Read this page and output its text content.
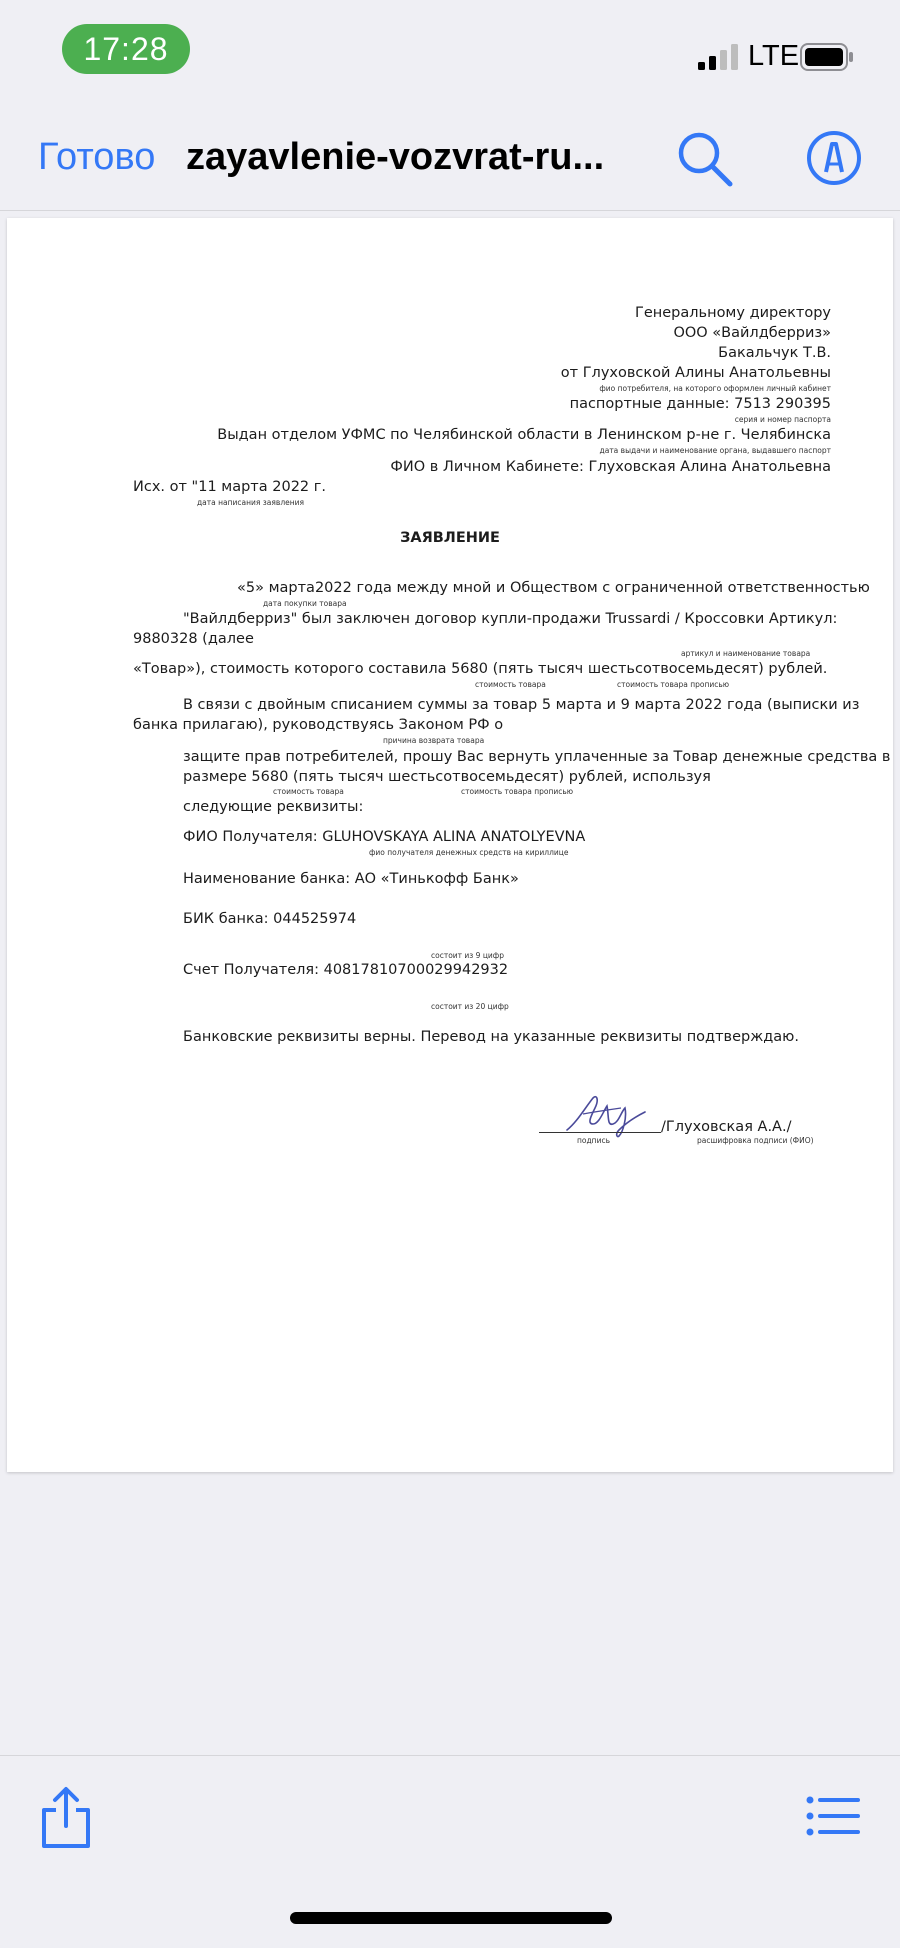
17:28	LTE
Готово zayavlenie-vozvrat-ru...
Генеральному директору
ООО «Вайлдберриз»
Бакальчук Т.В.
от Глуховской Алины Анатольевны
фио потребителя, на которого оформлен личный кабинет
паспортные данные: 7513 290395
серия и номер паспорта
Выдан отделом УФМС по Челябинской области в Ленинском р-не г. Челябинска
дата выдачи и наименование органа, выдавшего паспорт
ФИО в Личном Кабинете: Глуховская Алина Анатольевна
Исх. от "11 марта 2022 г.
дата написания заявления
ЗАЯВЛЕНИЕ
«5» марта2022 года между мной и Обществом с ограниченной ответственностью
дата покупки товара
"Вайлдберриз" был заключен договор купли-продажи Trussardi / Кроссовки Артикул:
9880328 (далее
артикул и наименование товара
«Товар»), стоимость которого составила 5680 (пять тысяч шестьсотвосемьдесят) рублей.
стоимость товара	стоимость товара прописью
В связи с двойным списанием суммы за товар 5 марта и 9 марта 2022 года (выписки из
банка прилагаю), руководствуясь Законом РФ о
причина возврата товара
защите прав потребителей, прошу Вас вернуть уплаченные за Товар денежные средства в
размере 5680 (пять тысяч шестьсотвосемьдесят) рублей, используя
стоимость товара	стоимость товара прописью
следующие реквизиты:
ФИО Получателя: GLUHOVSKAYA ALINA ANATOLYEVNA
фио получателя денежных средств на кириллице
Наименование банка: АО «Тинькофф Банк»
БИК банка: 044525974
состоит из 9 цифр
Счет Получателя: 40817810700029942932
состоит из 20 цифр
Банковские реквизиты верны. Перевод на указанные реквизиты подтверждаю.
/Глуховская А.А./
подпись	расшифровка подписи (ФИО)
